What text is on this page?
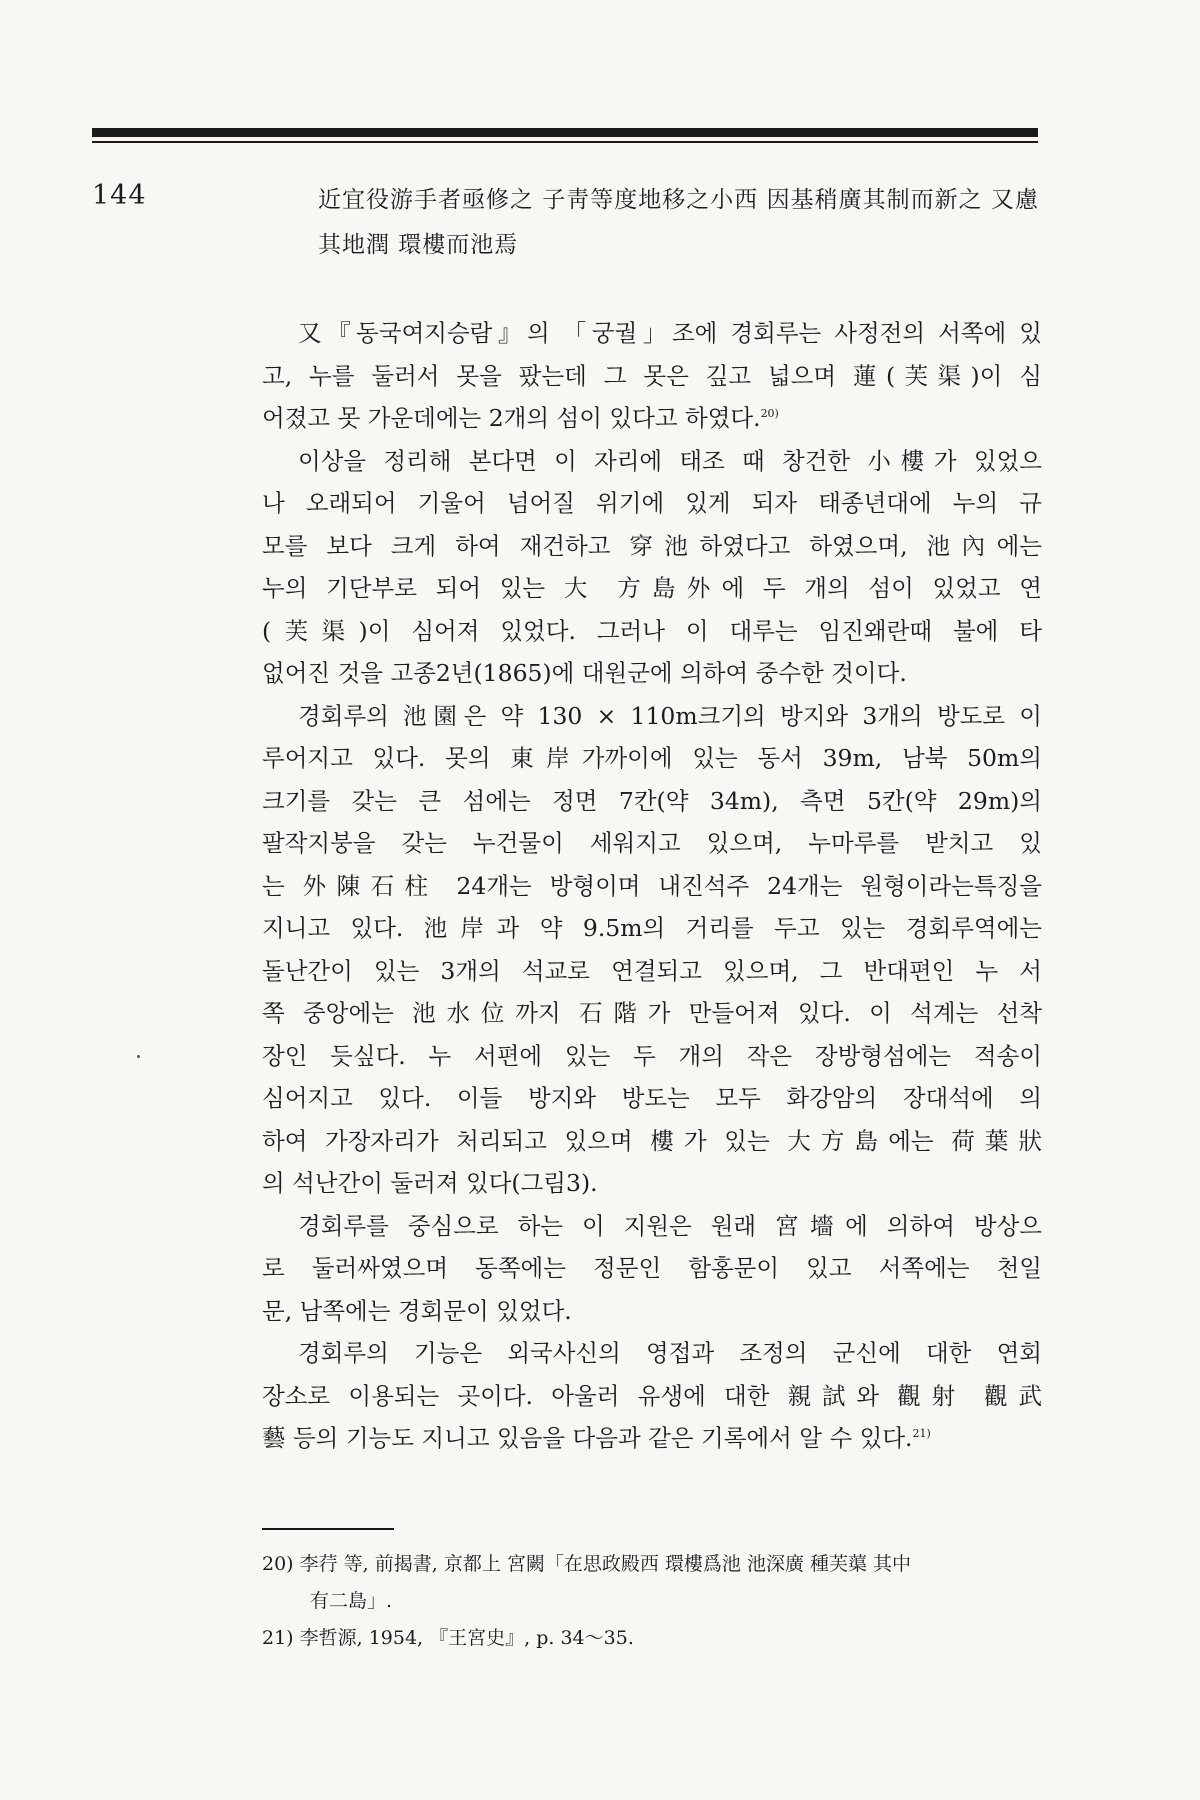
144	近宜役游手者亟修之 子靑等度地移之小西 因基稍廣其制而新之 又慮
其地潤 環樓而池焉
又『동국여지승람』의 「궁궐」조에 경회루는 사정전의 서쪽에 있
고, 누를 둘러서 못을 팠는데 그 못은 깊고 넓으며 蓮(芙渠)이 심
어졌고 못 가운데에는 2개의 섬이 있다고 하였다.$^{20)}$
이상을 정리해 본다면 이 자리에 태조 때 창건한 小樓가 있었으
나 오래되어 기울어 넘어질 위기에 있게 되자 태종년대에 누의 규
모를 보다 크게 하여 재건하고 穿池하였다고 하였으며, 池內에는
누의 기단부로 되어 있는 大 方島外에 두 개의 섬이 있었고 연
(芙渠)이 심어져 있었다. 그러나 이 대루는 임진왜란때 불에 타
없어진 것을 고종2년(1865)에 대원군에 의하여 중수한 것이다.
경회루의 池園은 약 130 × 110m크기의 방지와 3개의 방도로 이
루어지고 있다. 못의 東岸가까이에 있는 동서 39m, 남북 50m의
크기를 갖는 큰 섬에는 정면 7칸(약 34m), 측면 5칸(약 29m)의
팔작지붕을 갖는 누건물이 세워지고 있으며, 누마루를 받치고 있
는 外陳石柱 24개는 방형이며 내진석주 24개는 원형이라는특징을
지니고 있다. 池岸과 약 9.5m의 거리를 두고 있는 경회루역에는
돌난간이 있는 3개의 석교로 연결되고 있으며, 그 반대편인 누 서
쪽 중앙에는 池水位까지 石階가 만들어져 있다. 이 석계는 선착
장인 듯싶다. 누 서편에 있는 두 개의 작은 장방형섬에는 적송이
심어지고 있다. 이들 방지와 방도는 모두 화강암의 장대석에 의
하여 가장자리가 처리되고 있으며 樓가 있는 大方島에는 荷葉狀
의 석난간이 둘러져 있다(그림3).
경회루를 중심으로 하는 이 지원은 원래 宮墻에 의하여 방상으
로 둘러싸였으며 동쪽에는 정문인 함홍문이 있고 서쪽에는 천일
문, 남쪽에는 경회문이 있었다.
경회루의 기능은 외국사신의 영접과 조정의 군신에 대한 연회
장소로 이용되는 곳이다. 아울러 유생에 대한 親試와 觀射 觀武
藝 등의 기능도 지니고 있음을 다음과 같은 기록에서 알 수 있다.$^{21)}$
20) 李荇 等, 前揭書, 京都上 宮闕「在思政殿西 環樓爲池 池深廣 種芙蕖 其中
有二島」.
21) 李哲源, 1954, 『王宮史』, p. 34～35.
